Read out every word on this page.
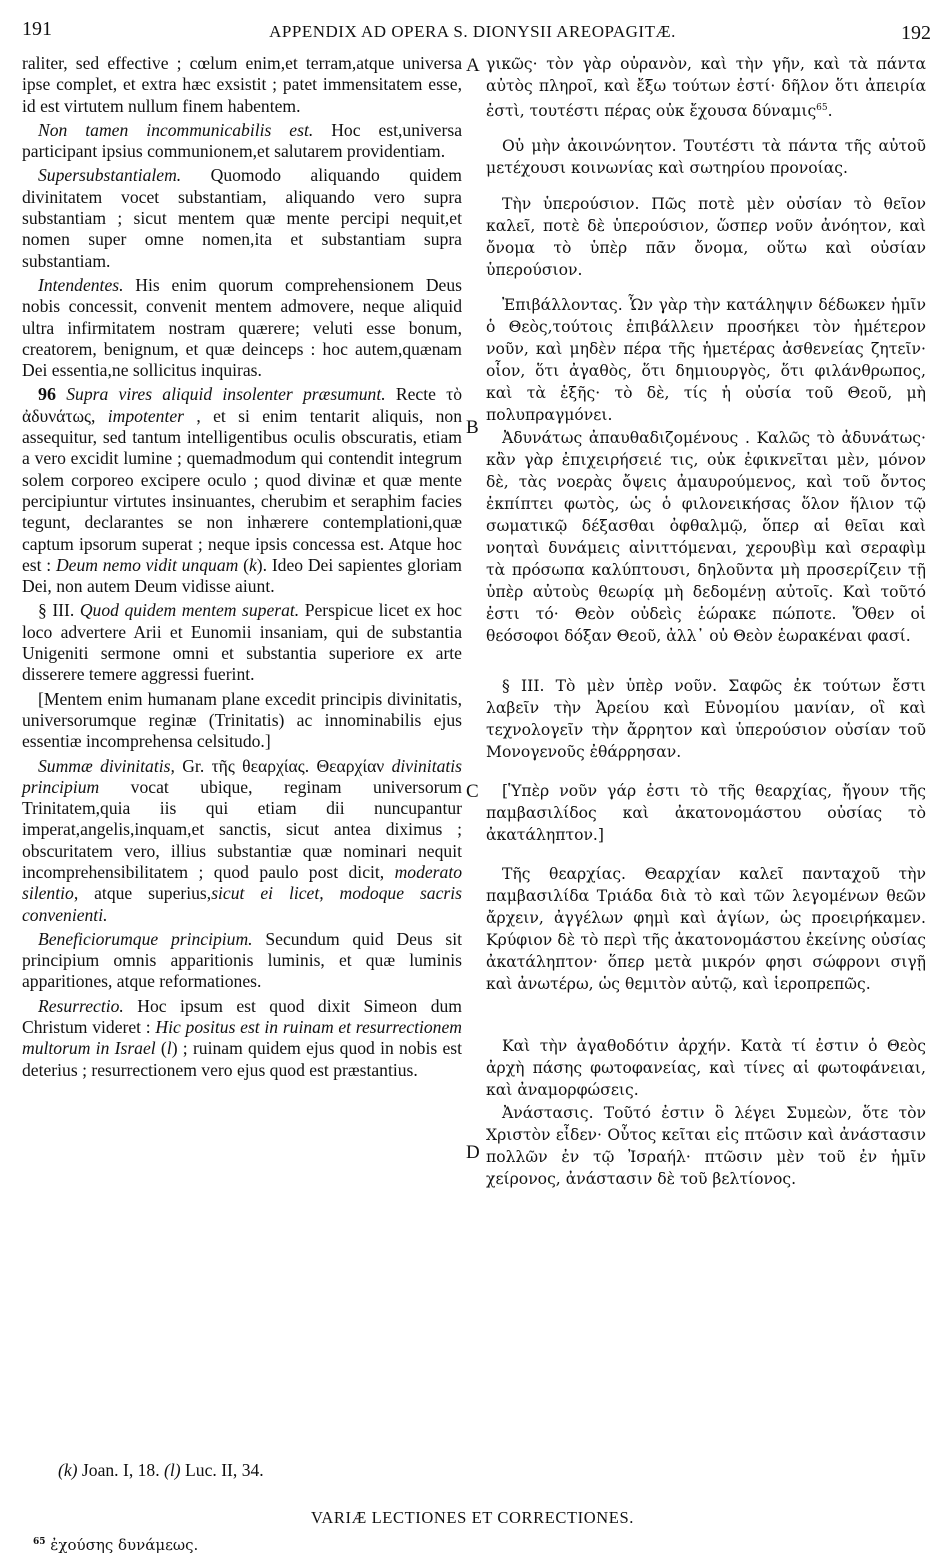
191	APPENDIX AD OPERA S. DIONYSII AREOPAGITÆ.	192

raliter, sed effective ; cœlum enim,et terram,atque universa ipse complet, et extra hæc exsistit ; patet immensitatem esse, id est virtutem nullum finem habentem.

Non tamen incommunicabilis est. Hoc est,universa participant ipsius communionem,et salutarem providentiam.

Supersubstantialem. Quomodo aliquando quidem divinitatem vocet substantiam, aliquando vero supra substantiam ; sicut mentem quæ mente percipi nequit,et nomen super omne nomen,ita et substantiam supra substantiam.

Intendentes. His enim quorum comprehensionem Deus nobis concessit, convenit mentem admovere, neque aliquid ultra infirmitatem nostram quærere; veluti esse bonum, creatorem, benignum, et quæ deinceps : hoc autem,quænam Dei essentia,ne sollicitus inquiras.

96 Supra vires aliquid insolenter præsumunt. Recte τὸ ἀδυνάτως, impotenter , et si enim tentarit aliquis, non assequitur, sed tantum intelligentibus oculis obscuratis, etiam a vero excidit lumine ; quemadmodum qui contendit integrum solem corporeo excipere oculo ; quod divinæ et quæ mente percipiuntur virtutes insinuantes, cherubim et seraphim facies tegunt, declarantes se non inhærere contemplationi,quæ captum ipsorum superat ; neque ipsis concessa est. Atque hoc est : Deum nemo vidit unquam (k). Ideo Dei sapientes gloriam Dei, non autem Deum vidisse aiunt.

§ III. Quod quidem mentem superat. Perspicue licet ex hoc loco advertere Arii et Eunomii insaniam, qui de substantia Unigeniti sermone omni et substantia superiore ex arte disserere temere aggressi fuerint.

[Mentem enim humanam plane excedit principis divinitatis, universorumque reginæ (Trinitatis) ac innominabilis ejus essentiæ incomprehensa celsitudo.]

Summæ divinitatis, Gr. τῆς θεαρχίας. Θεαρχίαν divinitatis principium vocat ubique, reginam universorum Trinitatem,quia iis qui etiam dii nuncupantur imperat,angelis,inquam,et sanctis, sicut antea diximus ; obscuritatem vero, illius substantiæ quæ nominari nequit incomprehensibilitatem ; quod paulo post dicit, moderato silentio, atque superius,sicut ei licet, modoque sacris convenienti.

Beneficiorumque principium. Secundum quid Deus sit principium omnis apparitionis luminis, et quæ luminis apparitiones, atque reformationes.

Resurrectio. Hoc ipsum est quod dixit Simeon dum Christum videret : Hic positus est in ruinam et resurrectionem multorum in Israel (l) ; ruinam quidem ejus quod in nobis est deterius ; resurrectionem vero ejus quod est præstantius.

A
B
C
D

γικῶς· τὸν γὰρ οὐρανὸν, καὶ τὴν γῆν, καὶ τὰ πάντα αὐτὸς πληροῖ, καὶ ἔξω τούτων ἐστί· δῆλον ὅτι ἀπειρία ἐστὶ, τουτέστι πέρας οὐκ ἔχουσα δύναμις$^{65}$.

Οὐ μὴν ἀκοινώνητον. Τουτέστι τὰ πάντα τῆς αὐτοῦ μετέχουσι κοινωνίας καὶ σωτηρίου προνοίας.

Τὴν ὑπερούσιον. Πῶς ποτὲ μὲν οὐσίαν τὸ θεῖον καλεῖ, ποτὲ δὲ ὑπερούσιον, ὥσπερ νοῦν ἀνόητον, καὶ ὄνομα τὸ ὑπὲρ πᾶν ὄνομα, οὕτω καὶ οὐσίαν ὑπερούσιον.

Ἐπιβάλλοντας. Ὧν γὰρ τὴν κατάληψιν δέδωκεν ἡμῖν ὁ Θεὸς,τούτοις ἐπιβάλλειν προσήκει τὸν ἡμέτερον νοῦν, καὶ μηδὲν πέρα τῆς ἡμετέρας ἀσθενείας ζητεῖν· οἷον, ὅτι ἀγαθὸς, ὅτι δημιουργὸς, ὅτι φιλάνθρωπος, καὶ τὰ ἑξῆς· τὸ δὲ, τίς ἡ οὐσία τοῦ Θεοῦ, μὴ πολυπραγμόνει.

Ἀδυνάτως ἀπαυθαδιζομένους . Καλῶς τὸ ἀδυνάτως· κἂν γὰρ ἐπιχειρήσειέ τις, οὐκ ἐφικνεῖται μὲν, μόνον δὲ, τὰς νοερὰς ὄψεις ἀμαυρούμενος, καὶ τοῦ ὄντος ἐκπίπτει φωτὸς, ὡς ὁ φιλονεικήσας ὅλον ἥλιον τῷ σωματικῷ δέξασθαι ὀφθαλμῷ, ὅπερ αἱ θεῖαι καὶ νοηταὶ δυνάμεις αἰνιττόμεναι, χερουβὶμ καὶ σεραφὶμ τὰ πρόσωπα καλύπτουσι, δηλοῦντα μὴ προσερίζειν τῇ ὑπὲρ αὐτοὺς θεωρίᾳ μὴ δεδομένῃ αὐτοῖς. Καὶ τοῦτό ἐστι τό· Θεὸν οὐδεὶς ἑώρακε πώποτε. Ὅθεν οἱ θεόσοφοι δόξαν Θεοῦ, ἀλλ᾽ οὐ Θεὸν ἑωρακέναι φασί.

§ III. Τὸ μὲν ὑπὲρ νοῦν. Σαφῶς ἐκ τούτων ἔστι λαβεῖν τὴν Ἀρείου καὶ Εὐνομίου μανίαν, οἳ καὶ τεχνολογεῖν τὴν ἄρρητον καὶ ὑπερούσιον οὐσίαν τοῦ Μονογενοῦς ἐθάρρησαν.

[Ὑπὲρ νοῦν γάρ ἐστι τὸ τῆς θεαρχίας, ἤγουν τῆς παμβασιλίδος καὶ ἀκατονομάστου οὐσίας τὸ ἀκατάληπτον.]

Τῆς θεαρχίας. Θεαρχίαν καλεῖ πανταχοῦ τὴν παμβασιλίδα Τριάδα διὰ τὸ καὶ τῶν λεγομένων θεῶν ἄρχειν, ἀγγέλων φημὶ καὶ ἁγίων, ὡς προειρήκαμεν. Κρύφιον δὲ τὸ περὶ τῆς ἀκατονομάστου ἐκείνης οὐσίας ἀκατάληπτον· ὅπερ μετὰ μικρόν φησι σώφρονι σιγῇ καὶ ἀνωτέρω, ὡς θεμιτὸν αὐτῷ, καὶ ἱεροπρεπῶς.

Καὶ τὴν ἀγαθοδότιν ἀρχήν. Κατὰ τί ἐστιν ὁ Θεὸς ἀρχὴ πάσης φωτοφανείας, καὶ τίνες αἱ φωτοφάνειαι, καὶ ἀναμορφώσεις.

Ἀνάστασις. Τοῦτό ἐστιν ὃ λέγει Συμεὼν, ὅτε τὸν Χριστὸν εἶδεν· Οὗτος κεῖται εἰς πτῶσιν καὶ ἀνάστασιν πολλῶν ἐν τῷ Ἰσραήλ· πτῶσιν μὲν τοῦ ἐν ἡμῖν χείρονος, ἀνάστασιν δὲ τοῦ βελτίονος.

(k) Joan. I, 18. (l) Luc. II, 34.
VARIÆ LECTIONES ET CORRECTIONES.
$^{65}$ ἐχούσης δυνάμεως.
